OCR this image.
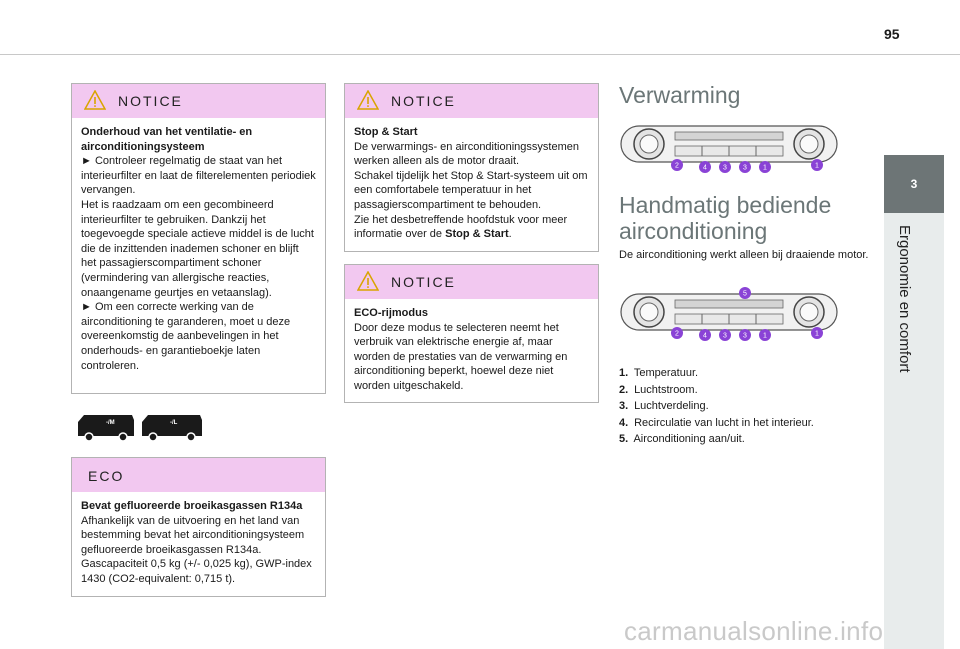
95
3
Ergonomie en comfort
NOTICE
Onderhoud van het ventilatie- en airconditioningsysteem
► Controleer regelmatig de staat van het interieurfilter en laat de filterelementen periodiek vervangen.
Het is raadzaam om een gecombineerd interieurfilter te gebruiken. Dankzij het toegevoegde speciale actieve middel is de lucht die de inzittenden inademen schoner en blijft het passagierscompartiment schoner (vermindering van allergische reacties, onaangename geurtjes en vetaanslag).
► Om een correcte werking van de airconditioning te garanderen, moet u deze overeenkomstig de aanbevelingen in het onderhouds- en garantieboekje laten controleren.
-/M	-/L
ECO
Bevat gefluoreerde broeikasgassen R134a
Afhankelijk van de uitvoering en het land van bestemming bevat het airconditioningsysteem gefluoreerde broeikasgassen R134a. Gascapaciteit 0,5 kg (+/- 0,025 kg), GWP-index 1430 (CO2-equivalent: 0,715 t).
NOTICE
Stop & Start
De verwarmings- en airconditioningssystemen werken alleen als de motor draait.
Schakel tijdelijk het Stop & Start-systeem uit om een comfortabele temperatuur in het passagierscompartiment te behouden.
Zie het desbetreffende hoofdstuk voor meer informatie over de Stop & Start.
NOTICE
ECO-rijmodus
Door deze modus te selecteren neemt het verbruik van elektrische energie af, maar worden de prestaties van de verwarming en airconditioning beperkt, hoewel deze niet worden uitgeschakeld.
Verwarming
2	4 3 3 1	1
Handmatig bediende airconditioning
De airconditioning werkt alleen bij draaiende motor.
2	4 3 3 1	1
5
1. Temperatuur.
2. Luchtstroom.
3. Luchtverdeling.
4. Recirculatie van lucht in het interieur.
5. Airconditioning aan/uit.
carmanualsonline.info
